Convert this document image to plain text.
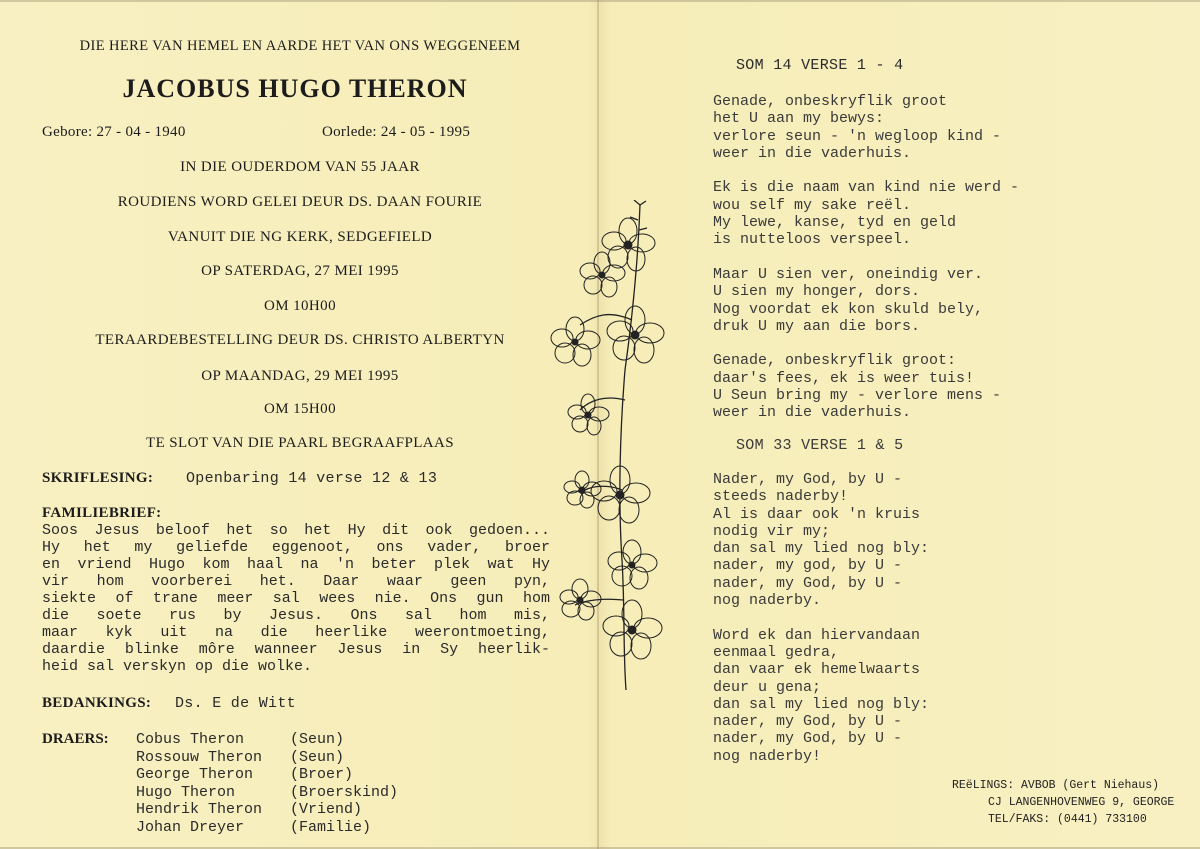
DIE HERE VAN HEMEL EN AARDE HET VAN ONS WEGGENEEM
JACOBUS HUGO THERON
Gebore: 27 - 04 - 1940	Oorlede: 24 - 05 - 1995
IN DIE OUDERDOM VAN 55 JAAR
ROUDIENS WORD GELEI DEUR DS. DAAN FOURIE
VANUIT DIE NG KERK, SEDGEFIELD
OP SATERDAG, 27 MEI 1995
OM 10H00
TERAARDEBESTELLING DEUR DS. CHRISTO ALBERTYN
OP MAANDAG, 29 MEI 1995
OM 15H00
TE SLOT VAN DIE PAARL BEGRAAFPLAAS
SKRIFLESING: Openbaring 14 verse 12 & 13
FAMILIEBRIEF:
Soos Jesus beloof het so het Hy dit ook gedoen...
Hy het my geliefde eggenoot, ons vader, broer
en vriend Hugo kom haal na 'n beter plek wat Hy
vir hom voorberei het. Daar waar geen pyn,
siekte of trane meer sal wees nie. Ons gun hom
die soete rus by Jesus. Ons sal hom mis,
maar kyk uit na die heerlike weerontmoeting,
daardie blinke môre wanneer Jesus in Sy heerlik-
heid sal verskyn op die wolke.
BEDANKINGS: Ds. E de Witt
DRAERS:	Cobus Theron	(Seun)
Rossouw Theron	(Seun)
George Theron	(Broer)
Hugo Theron	(Broerskind)
Hendrik Theron	(Vriend)
Johan Dreyer	(Familie)
SOM 14 VERSE 1 - 4
Genade, onbeskryflik groot
het U aan my bewys:
verlore seun - 'n wegloop kind -
weer in die vaderhuis.

Ek is die naam van kind nie werd -
wou self my sake reël.
My lewe, kanse, tyd en geld
is nutteloos verspeel.

Maar U sien ver, oneindig ver.
U sien my honger, dors.
Nog voordat ek kon skuld bely,
druk U my aan die bors.

Genade, onbeskryflik groot:
daar's fees, ek is weer tuis!
U Seun bring my - verlore mens -
weer in die vaderhuis.
SOM 33 VERSE 1 & 5
Nader, my God, by U -
steeds naderby!
Al is daar ook 'n kruis
nodig vir my;
dan sal my lied nog bly:
nader, my god, by U -
nader, my God, by U -
nog naderby.

Word ek dan hiervandaan
eenmaal gedra,
dan vaar ek hemelwaarts
deur u gena;
dan sal my lied nog bly:
nader, my God, by U -
nader, my God, by U -
nog naderby!
REëLINGS: AVBOB (Gert Niehaus)
CJ LANGENHOVENWEG 9, GEORGE
TEL/FAKS: (0441) 733100
